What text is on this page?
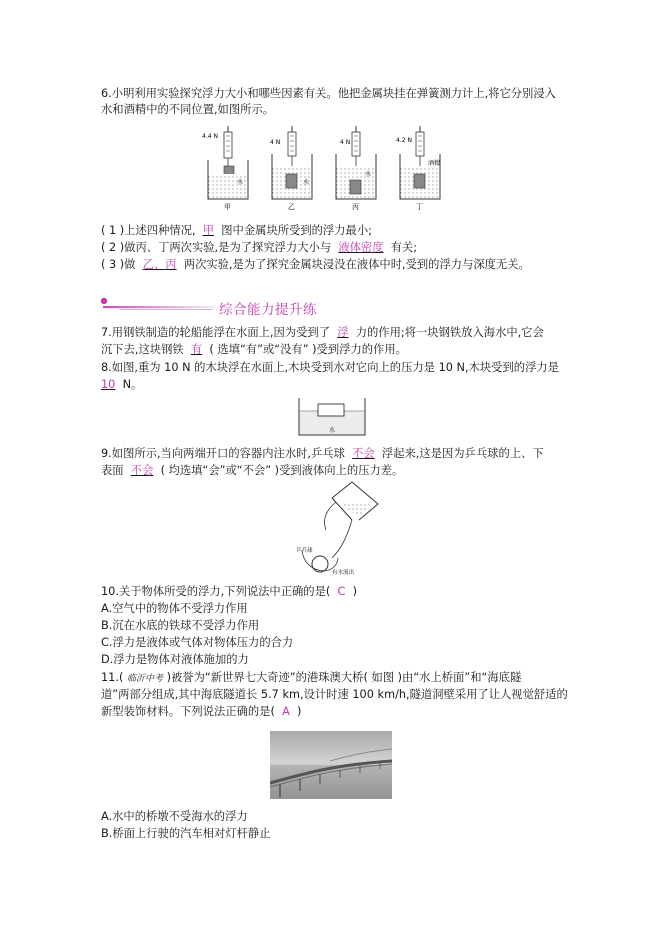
6.小明利用实验探究浮力大小和哪些因素有关。他把金属块挂在弹簧测力计上,将它分别浸入
水和酒精中的不同位置,如图所示。
4.4 N
水
甲
4 N
水
乙
4 N
水
丙
4.2 N
酒精
丁
( 1 )上述四种情况, 甲 图中金属块所受到的浮力最小;
( 2 )做丙、丁两次实验,是为了探究浮力大小与 液体密度 有关;
( 3 )做 乙、丙 两次实验,是为了探究金属块浸没在液体中时,受到的浮力与深度无关。
综合能力提升练
7.用钢铁制造的轮船能浮在水面上,因为受到了 浮 力的作用;将一块钢铁放入海水中,它会
沉下去,这块钢铁 有 ( 选填“有”或“没有” )受到浮力的作用。
8.如图,重为 10 N 的木块浮在水面上,木块受到水对它向上的压力是 10 N,木块受到的浮力是
10 N。
水
9.如图所示,当向两端开口的容器内注水时,乒乓球 不会 浮起来,这是因为乒乓球的上、下
表面 不会 ( 均选填“会”或“不会” )受到液体向上的压力差。
乒乓球
有水流出
10.关于物体所受的浮力,下列说法中正确的是( C )
A.空气中的物体不受浮力作用
B.沉在水底的铁球不受浮力作用
C.浮力是液体或气体对物体压力的合力
D.浮力是物体对液体施加的力
11.( 临沂中考 )被誉为“新世界七大奇迹”的港珠澳大桥( 如图 )由“水上桥面”和“海底隧
道”两部分组成,其中海底隧道长 5.7 km,设计时速 100 km/h,隧道洞壁采用了让人视觉舒适的
新型装饰材料。下列说法正确的是( A )
A.水中的桥墩不受海水的浮力
B.桥面上行驶的汽车相对灯杆静止
